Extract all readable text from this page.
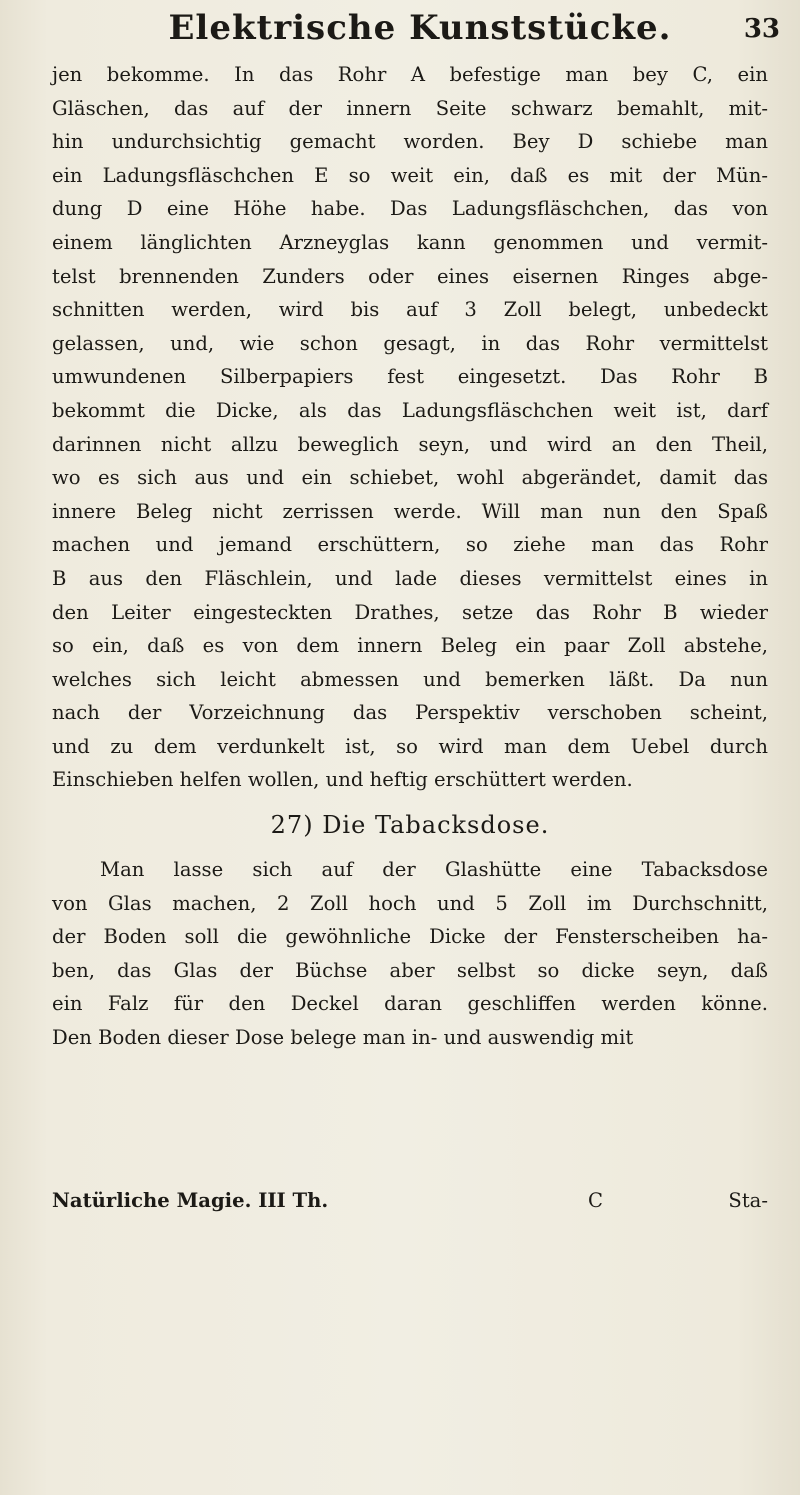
Elektrische Kunststücke.	33
jen bekomme. In das Rohr A befestige man bey C, ein
Gläschen, das auf der innern Seite schwarz bemahlt, mit-
hin undurchsichtig gemacht worden. Bey D schiebe man
ein Ladungsfläschchen E so weit ein, daß es mit der Mün-
dung D eine Höhe habe. Das Ladungsfläschchen, das von
einem länglichten Arzneyglas kann genommen und vermit-
telst brennenden Zunders oder eines eisernen Ringes abge-
schnitten werden, wird bis auf 3 Zoll belegt, unbedeckt
gelassen, und, wie schon gesagt, in das Rohr vermittelst
umwundenen Silberpapiers fest eingesetzt. Das Rohr B
bekommt die Dicke, als das Ladungsfläschchen weit ist, darf
darinnen nicht allzu beweglich seyn, und wird an den Theil,
wo es sich aus und ein schiebet, wohl abgerändet, damit das
innere Beleg nicht zerrissen werde. Will man nun den Spaß
machen und jemand erschüttern, so ziehe man das Rohr
B aus den Fläschlein, und lade dieses vermittelst eines in
den Leiter eingesteckten Drathes, setze das Rohr B wieder
so ein, daß es von dem innern Beleg ein paar Zoll abstehe,
welches sich leicht abmessen und bemerken läßt. Da nun
nach der Vorzeichnung das Perspektiv verschoben scheint,
und zu dem verdunkelt ist, so wird man dem Uebel durch
Einschieben helfen wollen, und heftig erschüttert werden.
27) Die Tabacksdose.
Man lasse sich auf der Glashütte eine Tabacksdose
von Glas machen, 2 Zoll hoch und 5 Zoll im Durchschnitt,
der Boden soll die gewöhnliche Dicke der Fensterscheiben ha-
ben, das Glas der Büchse aber selbst so dicke seyn, daß
ein Falz für den Deckel daran geschliffen werden könne.
Den Boden dieser Dose belege man in- und auswendig mit
Natürliche Magie. III Th.	C	Sta-
